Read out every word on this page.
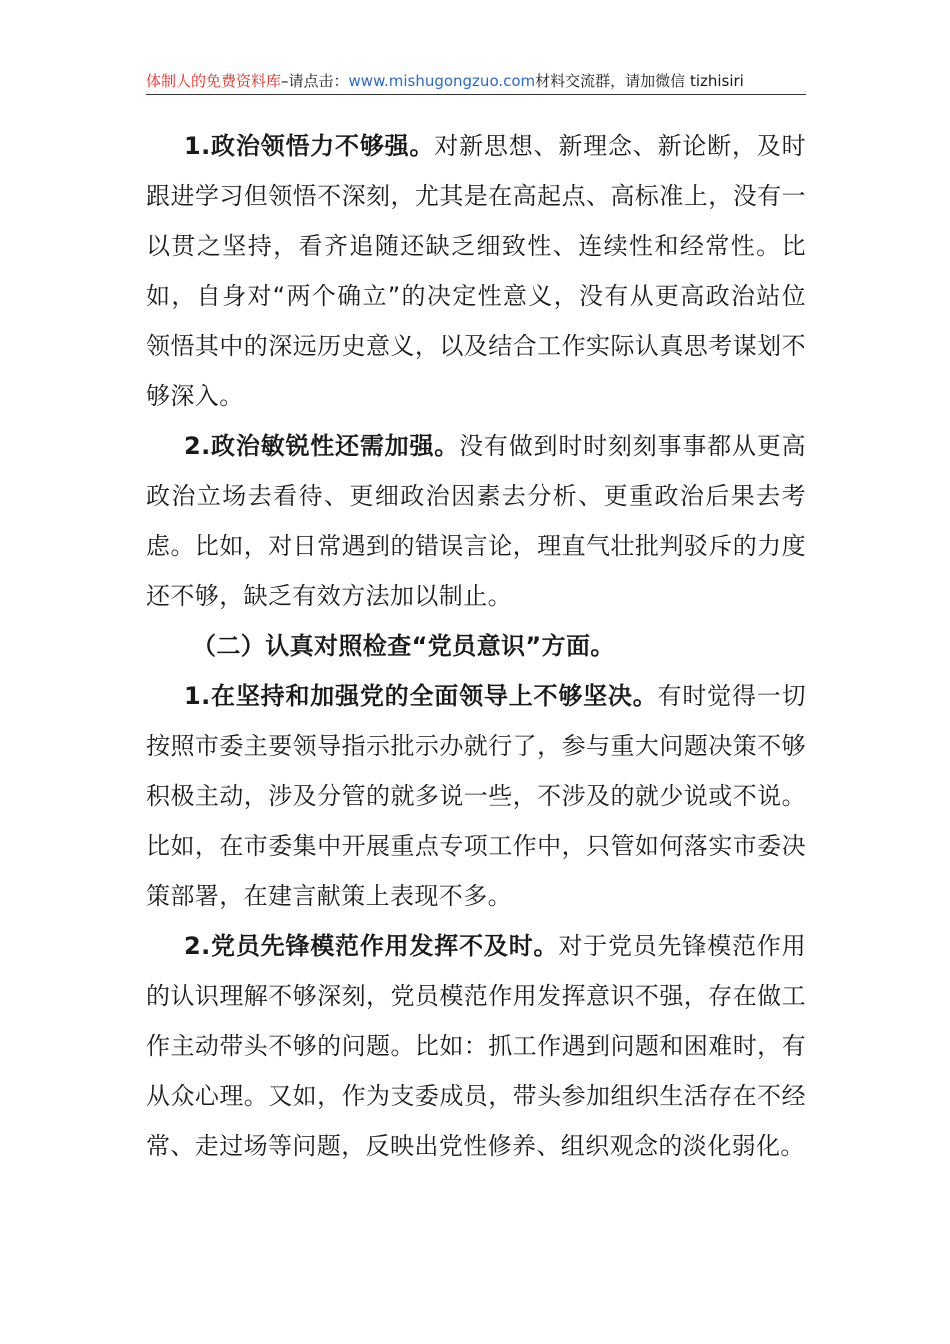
体制人的免费资料库–请点击：www.mishugongzuo.com材料交流群，请加微信 tizhisiri

1.政治领悟力不够强。对新思想、新理念、新论断，及时跟进学习但领悟不深刻，尤其是在高起点、高标准上，没有一以贯之坚持，看齐追随还缺乏细致性、连续性和经常性。比如，自身对“两个确立”的决定性意义，没有从更高政治站位领悟其中的深远历史意义，以及结合工作实际认真思考谋划不够深入。

2.政治敏锐性还需加强。没有做到时时刻刻事事都从更高政治立场去看待、更细政治因素去分析、更重政治后果去考虑。比如，对日常遇到的错误言论，理直气壮批判驳斥的力度还不够，缺乏有效方法加以制止。

（二）认真对照检查“党员意识”方面。

1.在坚持和加强党的全面领导上不够坚决。有时觉得一切按照市委主要领导指示批示办就行了，参与重大问题决策不够积极主动，涉及分管的就多说一些，不涉及的就少说或不说。比如，在市委集中开展重点专项工作中，只管如何落实市委决策部署，在建言献策上表现不多。

2.党员先锋模范作用发挥不及时。对于党员先锋模范作用的认识理解不够深刻，党员模范作用发挥意识不强，存在做工作主动带头不够的问题。比如：抓工作遇到问题和困难时，有从众心理。又如，作为支委成员，带头参加组织生活存在不经常、走过场等问题，反映出党性修养、组织观念的淡化弱化。
